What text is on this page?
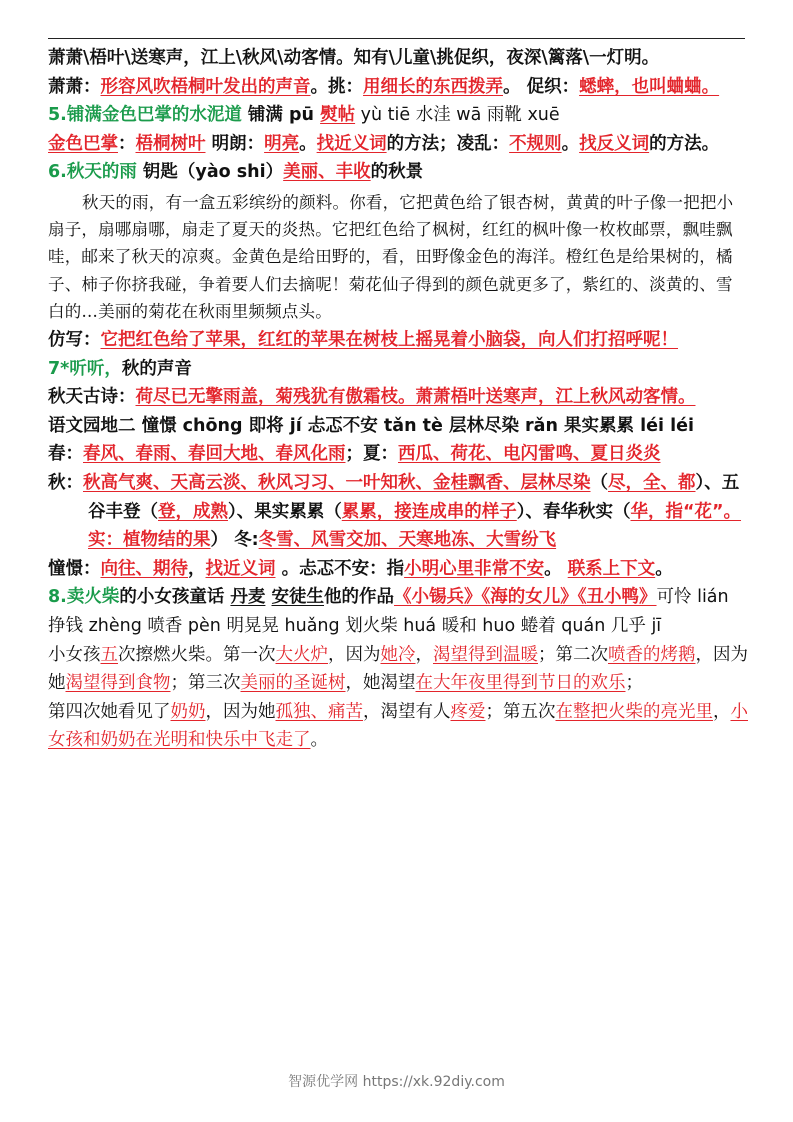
萧萧\梧叶\送寒声，江上\秋风\动客情。知有\儿童\挑促织，夜深\篱落\一灯明。

萧萧：形容风吹梧桐叶发出的声音。挑：用细长的东西拨弄。 促织：蟋蟀，也叫蛐蛐。

5.铺满金色巴掌的水泥道 铺满 pū 熨帖 yù tiē 水洼 wā 雨靴 xuē

金色巴掌：梧桐树叶 明朗：明亮。找近义词的方法；凌乱：不规则。找反义词的方法。

6.秋天的雨 钥匙（yào shi）美丽、丰收的秋景

秋天的雨，有一盒五彩缤纷的颜料。你看，它把黄色给了银杏树，黄黄的叶子像一把把小扇子，扇哪扇哪，扇走了夏天的炎热。它把红色给了枫树，红红的枫叶像一枚枚邮票，飘哇飘哇，邮来了秋天的凉爽。金黄色是给田野的，看，田野像金色的海洋。橙红色是给果树的，橘子、柿子你挤我碰，争着要人们去摘呢！菊花仙子得到的颜色就更多了，紫红的、淡黄的、雪白的…美丽的菊花在秋雨里频频点头。

仿写：它把红色给了苹果，红红的苹果在树枝上摇晃着小脑袋，向人们打招呼呢！

7*听听，秋的声音

秋天古诗：荷尽已无擎雨盖，菊残犹有傲霜枝。萧萧梧叶送寒声，江上秋风动客情。

语文园地二 憧憬 chōng 即将 jí 忐忑不安 tǎn tè 层林尽染 rǎn 果实累累 léi léi

春：春风、春雨、春回大地、春风化雨；夏：西瓜、荷花、电闪雷鸣、夏日炎炎

秋：秋高气爽、天高云淡、秋风习习、一叶知秋、金桂飘香、层林尽染（尽，全、都）、五谷丰登（登，成熟）、果实累累（累累，接连成串的样子）、春华秋实（华，指“花”。实：植物结的果） 冬:冬雪、风雪交加、天寒地冻、大雪纷飞

憧憬：向往、期待，找近义词 。忐忑不安：指小明心里非常不安。 联系上下文。

8.卖火柴的小女孩童话 丹麦 安徒生他的作品《小锡兵》《海的女儿》《丑小鸭》可怜 lián 挣钱 zhèng 喷香 pèn 明晃晃 huǎng 划火柴 huá 暖和 huo 蜷着 quán 几乎 jī

小女孩五次擦燃火柴。第一次大火炉，因为她冷，渴望得到温暖；第二次喷香的烤鹅，因为她渴望得到食物；第三次美丽的圣诞树，她渴望在大年夜里得到节日的欢乐；

第四次她看见了奶奶，因为她孤独、痛苦，渴望有人疼爱；第五次在整把火柴的亮光里，小女孩和奶奶在光明和快乐中飞走了。

智源优学网 https://xk.92diy.com
